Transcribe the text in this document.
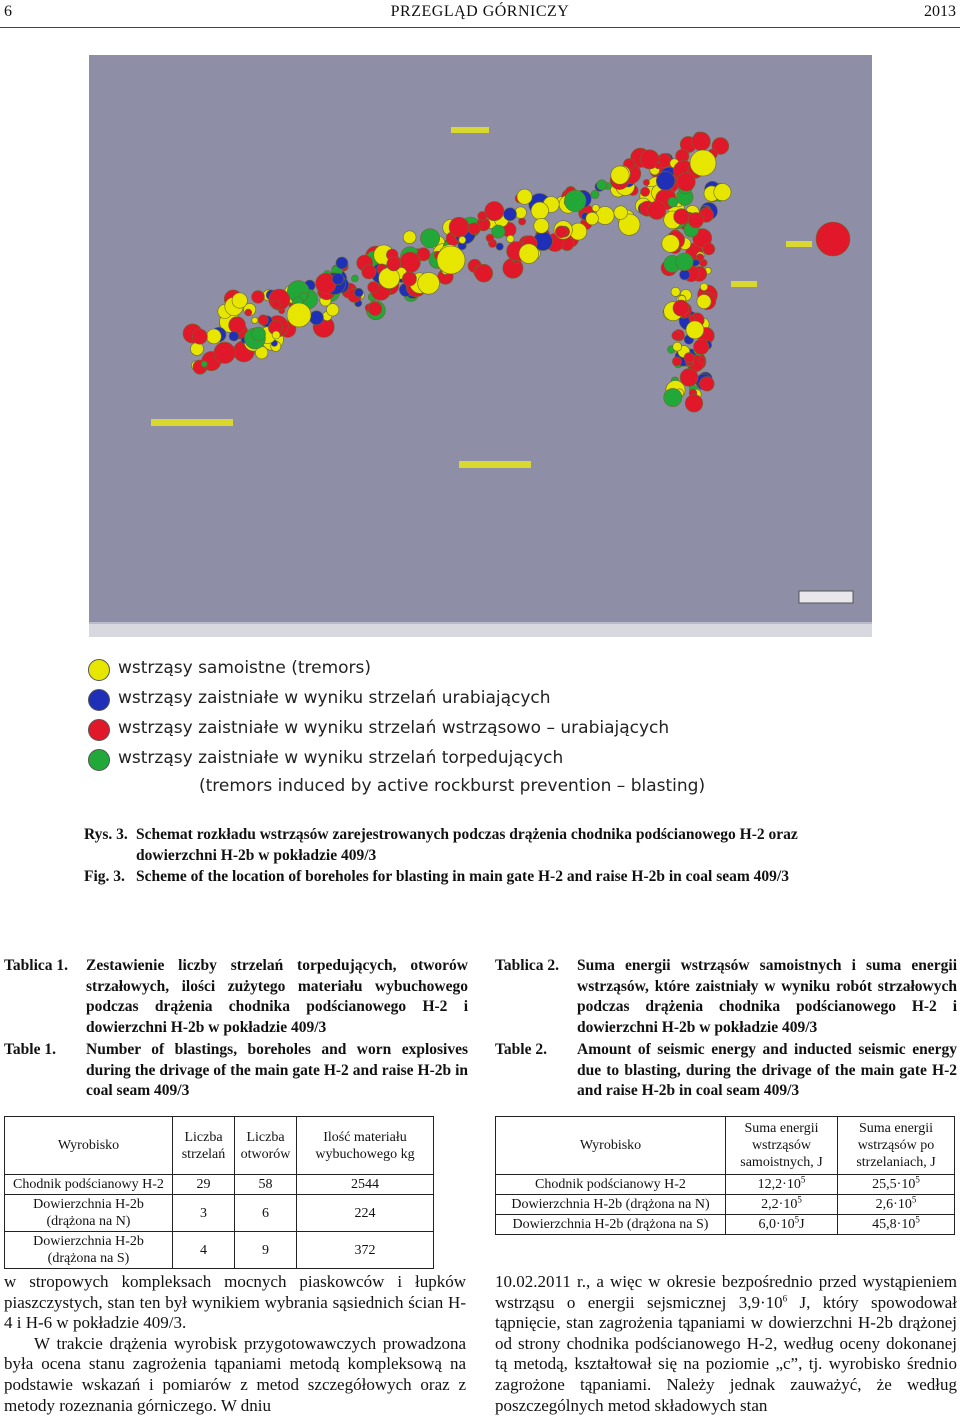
6	PRZEGLĄD GÓRNICZY	2013
wstrząsy samoistne (tremors)
wstrząsy zaistniałe w wyniku strzelań urabiających
wstrząsy zaistniałe w wyniku strzelań wstrząsowo – urabiających
wstrząsy zaistniałe w wyniku strzelań torpedujących
(tremors induced by active rockburst prevention – blasting)
Rys. 3. Schemat rozkładu wstrząsów zarejestrowanych podczas drążenia chodnika podścianowego H-2 oraz
dowierzchni H-2b w pokładzie 409/3
Fig. 3. Scheme of the location of boreholes for blasting in main gate H-2 and raise H-2b in coal seam 409/3
Tablica 1. Zestawienie liczby strzelań torpedujących, otworów strzałowych, ilości zużytego materiału wybuchowego podczas drążenia chodnika podścianowego H-2 i dowierzchni H-2b w pokładzie 409/3
Table 1. Number of blastings, boreholes and worn explosives during the drivage of the main gate H-2 and raise H-2b in coal seam 409/3
Wyrobisko	Liczba strzelań	Liczba otworów	Ilość materiału wybuchowego kg
Chodnik podścianowy H-2	29	58	2544
Dowierzchnia H-2b (drążona na N)	3	6	224
Dowierzchnia H-2b (drążona na S)	4	9	372
Tablica 2. Suma energii wstrząsów samoistnych i suma energii wstrząsów, które zaistniały w wyniku robót strzałowych podczas drążenia chodnika podścianowego H-2 i dowierzchni H-2b w pokładzie 409/3
Table 2. Amount of seismic energy and inducted seismic energy due to blasting, during the drivage of the main gate H-2 and raise H-2b in coal seam 409/3
Wyrobisko	Suma energii wstrząsów samoistnych, J	Suma energii wstrząsów po strzelaniach, J
Chodnik podścianowy H-2	$12,2\cdot 10^5$	$25,5\cdot 10^5$
Dowierzchnia H-2b (drążona na N)	$2,2\cdot 10^5$	$2,6\cdot 10^5$
Dowierzchnia H-2b (drążona na S)	$6,0\cdot 10^5J$	$45,8\cdot 10^5$

w stropowych kompleksach mocnych piaskowców i łupków piaszczystych, stan ten był wynikiem wybrania sąsiednich ścian H-4 i H-6 w pokładzie 409/3.

W trakcie drążenia wyrobisk przygotowawczych prowadzona była ocena stanu zagrożenia tąpaniami metodą kompleksową na podstawie wskazań i pomiarów z metod szczegółowych oraz z metody rozeznania górniczego. W dniu

10.02.2011 r., a więc w okresie bezpośrednio przed wystąpieniem wstrząsu o energii sejsmicznej $3,9\cdot 10^6$ J, który spowodował tąpnięcie, stan zagrożenia tąpaniami w dowierzchni H-2b drążonej od strony chodnika podścianowego H-2, według oceny dokonanej tą metodą, kształtował się na poziomie „c”, tj. wyrobisko średnio zagrożone tąpaniami. Należy jednak zauważyć, że według poszczególnych metod składowych stan
